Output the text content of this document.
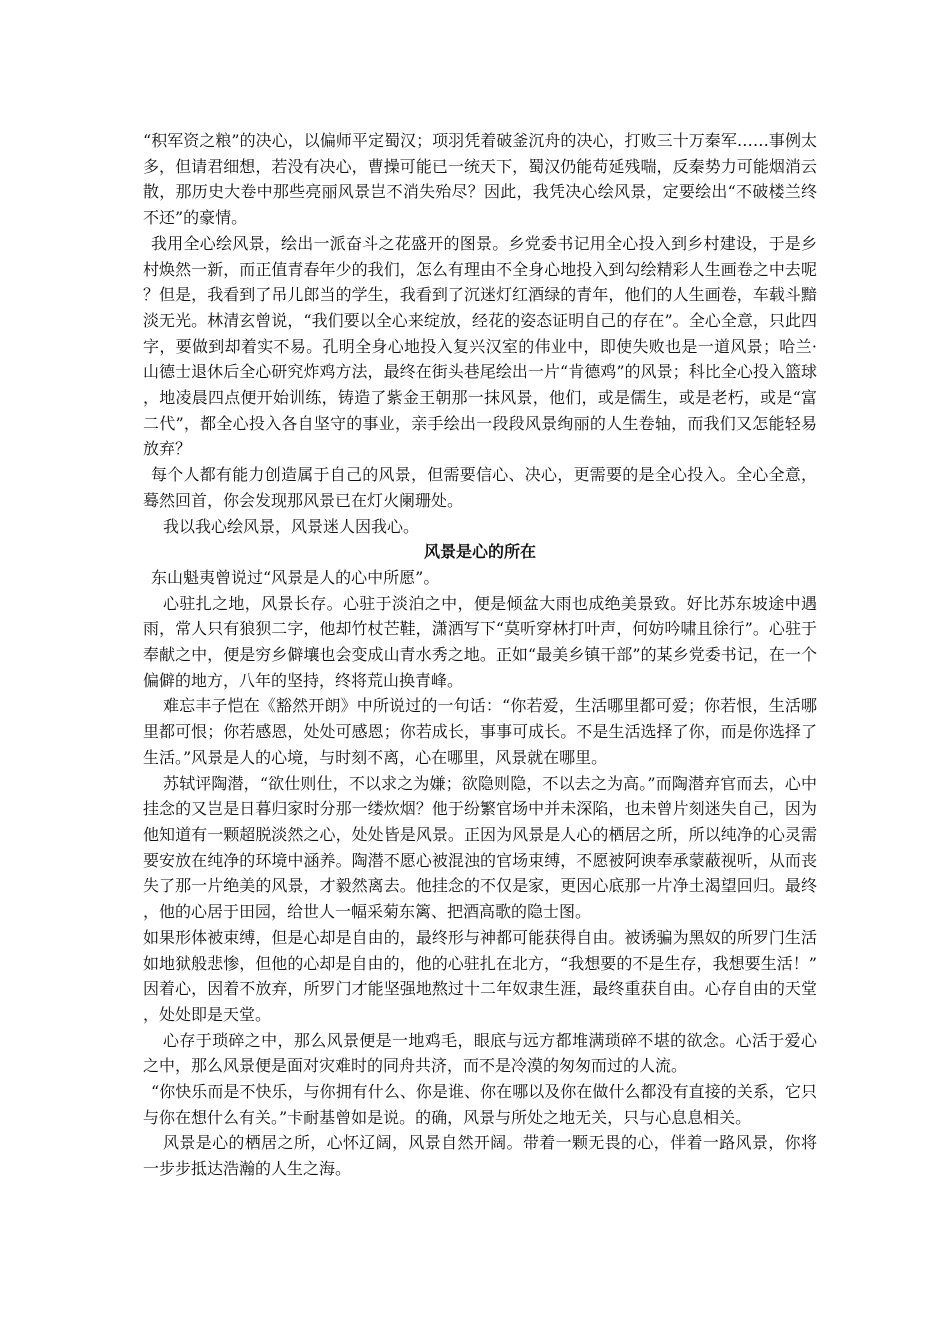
“积军资之粮”的决心，以偏师平定蜀汉；项羽凭着破釜沉舟的决心，打败三十万秦军……事例太多，但请君细想，若没有决心，曹操可能已一统天下，蜀汉仍能苟延残喘，反秦势力可能烟消云散，那历史大卷中那些亮丽风景岂不消失殆尽？因此，我凭决心绘风景，定要绘出“不破楼兰终不还”的豪情。

我用全心绘风景，绘出一派奋斗之花盛开的图景。乡党委书记用全心投入到乡村建设，于是乡村焕然一新，而正值青春年少的我们，怎么有理由不全身心地投入到勾绘精彩人生画卷之中去呢？但是，我看到了吊儿郎当的学生，我看到了沉迷灯红酒绿的青年，他们的人生画卷，车载斗黯淡无光。林清玄曾说，“我们要以全心来绽放，经花的姿态证明自己的存在”。全心全意，只此四字，要做到却着实不易。孔明全身心地投入复兴汉室的伟业中，即使失败也是一道风景；哈兰·山德士退休后全心研究炸鸡方法，最终在街头巷尾绘出一片“肯德鸡”的风景；科比全心投入篮球，地凌晨四点便开始训练，铸造了紫金王朝那一抹风景，他们，或是儒生，或是老朽，或是“富二代”，都全心投入各自坚守的事业，亲手绘出一段段风景绚丽的人生卷轴，而我们又怎能轻易放弃？

每个人都有能力创造属于自己的风景，但需要信心、决心，更需要的是全心投入。全心全意，蓦然回首，你会发现那风景已在灯火阑珊处。

我以我心绘风景，风景迷人因我心。

风景是心的所在

东山魁夷曾说过“风景是人的心中所愿”。

心驻扎之地，风景长存。心驻于淡泊之中，便是倾盆大雨也成绝美景致。好比苏东坡途中遇雨，常人只有狼狈二字，他却竹杖芒鞋，潇洒写下“莫听穿林打叶声，何妨吟啸且徐行”。心驻于奉献之中，便是穷乡僻壤也会变成山青水秀之地。正如“最美乡镇干部”的某乡党委书记，在一个偏僻的地方，八年的坚持，终将荒山换青峰。

难忘丰子恺在《豁然开朗》中所说过的一句话：“你若爱，生活哪里都可爱；你若恨，生活哪里都可恨；你若感恩，处处可感恩；你若成长，事事可成长。不是生活选择了你，而是你选择了生活。”风景是人的心境，与时刻不离，心在哪里，风景就在哪里。

苏轼评陶潜，“欲仕则仕，不以求之为嫌；欲隐则隐，不以去之为高。”而陶潜弃官而去，心中挂念的又岂是日暮归家时分那一缕炊烟？他于纷繁官场中并未深陷，也未曾片刻迷失自己，因为他知道有一颗超脱淡然之心，处处皆是风景。正因为风景是人心的栖居之所，所以纯净的心灵需要安放在纯净的环境中涵养。陶潜不愿心被混浊的官场束缚，不愿被阿谀奉承蒙蔽视听，从而丧失了那一片绝美的风景，才毅然离去。他挂念的不仅是家，更因心底那一片净土渴望回归。最终，他的心居于田园，给世人一幅采菊东篱、把酒高歌的隐士图。

如果形体被束缚，但是心却是自由的，最终形与神都可能获得自由。被诱骗为黑奴的所罗门生活如地狱般悲惨，但他的心却是自由的，他的心驻扎在北方，“我想要的不是生存，我想要生活！”因着心，因着不放弃，所罗门才能坚强地熬过十二年奴隶生涯，最终重获自由。心存自由的天堂，处处即是天堂。

心存于琐碎之中，那么风景便是一地鸡毛，眼底与远方都堆满琐碎不堪的欲念。心活于爱心之中，那么风景便是面对灾难时的同舟共济，而不是冷漠的匆匆而过的人流。

“你快乐而是不快乐，与你拥有什么、你是谁、你在哪以及你在做什么都没有直接的关系，它只与你在想什么有关。”卡耐基曾如是说。的确，风景与所处之地无关，只与心息息相关。

风景是心的栖居之所，心怀辽阔，风景自然开阔。带着一颗无畏的心，伴着一路风景，你将一步步抵达浩瀚的人生之海。
